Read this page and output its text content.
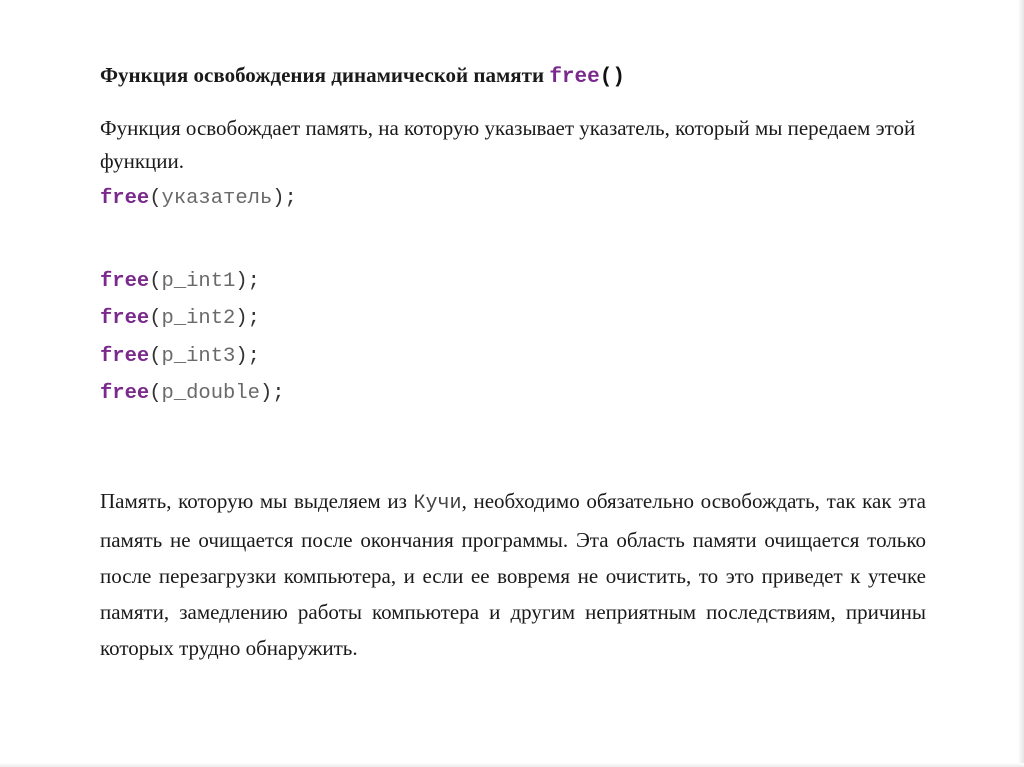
Функция освобождения динамической памяти free()

Функция освобождает память, на которую указывает указатель, который мы передаем этой функции.

free(указатель);
free(p_int1);
free(p_int2);
free(p_int3);
free(p_double);

Память, которую мы выделяем из Кучи, необходимо обязательно освобождать, так как эта память не очищается после окончания программы. Эта область памяти очищается только после перезагрузки компьютера, и если ее вовремя не очистить, то это приведет к утечке памяти, замедлению работы компьютера и другим неприятным последствиям, причины которых трудно обнаружить.
